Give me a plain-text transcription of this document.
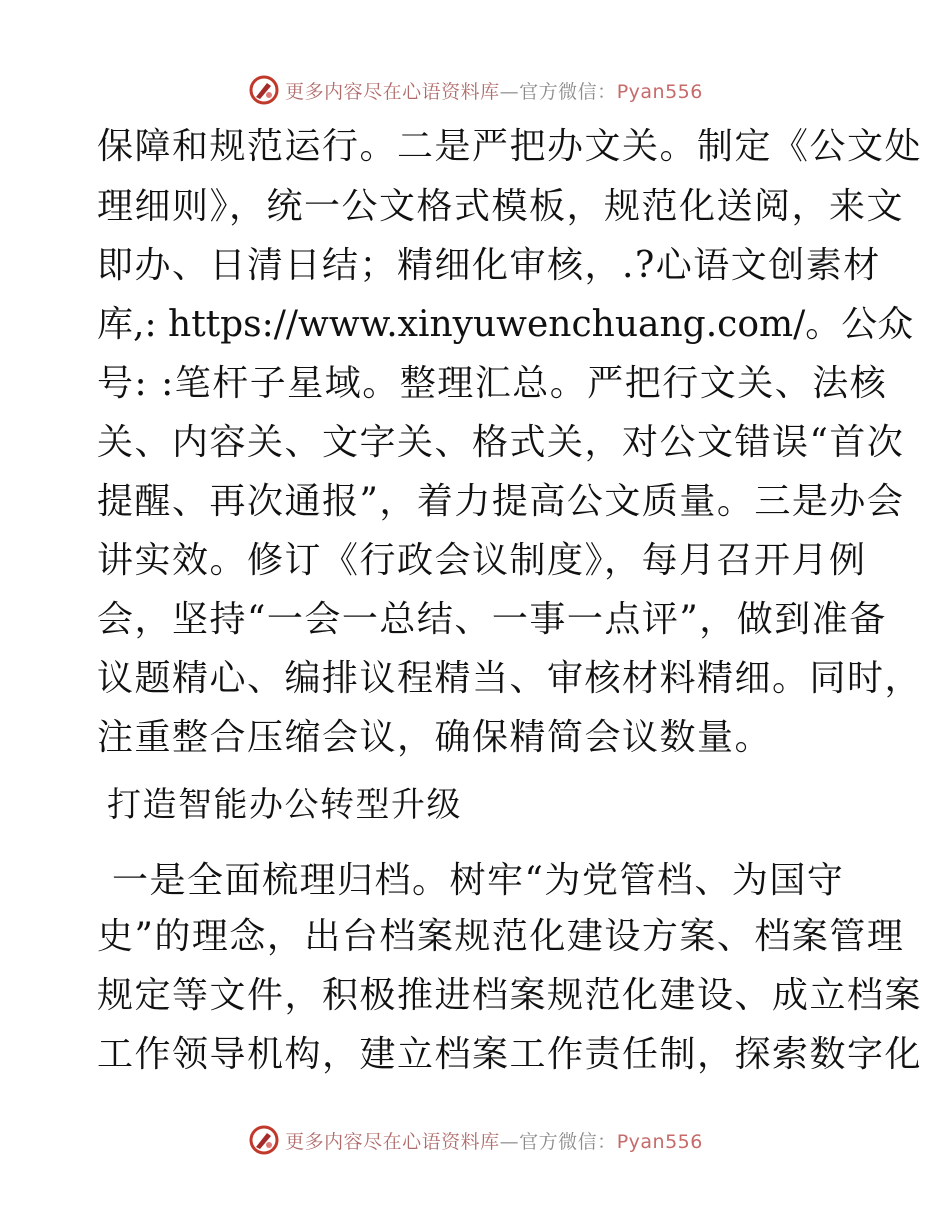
更多内容尽在心语资料库—官方微信：Pyan556
保障和规范运行。二是严把办文关。制定《公文处
理细则》，统一公文格式模板，规范化送阅，来文
即办、日清日结；精细化审核，.?心语文创素材
库,: https://www.xinyuwenchuang.com/。公众
号: :笔杆子星域。整理汇总。严把行文关、法核
关、内容关、文字关、格式关，对公文错误“首次
提醒、再次通报”，着力提高公文质量。三是办会
讲实效。修订《行政会议制度》，每月召开月例
会，坚持“一会一总结、一事一点评”，做到准备
议题精心、编排议程精当、审核材料精细。同时，
注重整合压缩会议，确保精简会议数量。
打造智能办公转型升级
一是全面梳理归档。树牢“为党管档、为国守
史”的理念，出台档案规范化建设方案、档案管理
规定等文件，积极推进档案规范化建设、成立档案
工作领导机构，建立档案工作责任制，探索数字化
更多内容尽在心语资料库—官方微信：Pyan556
